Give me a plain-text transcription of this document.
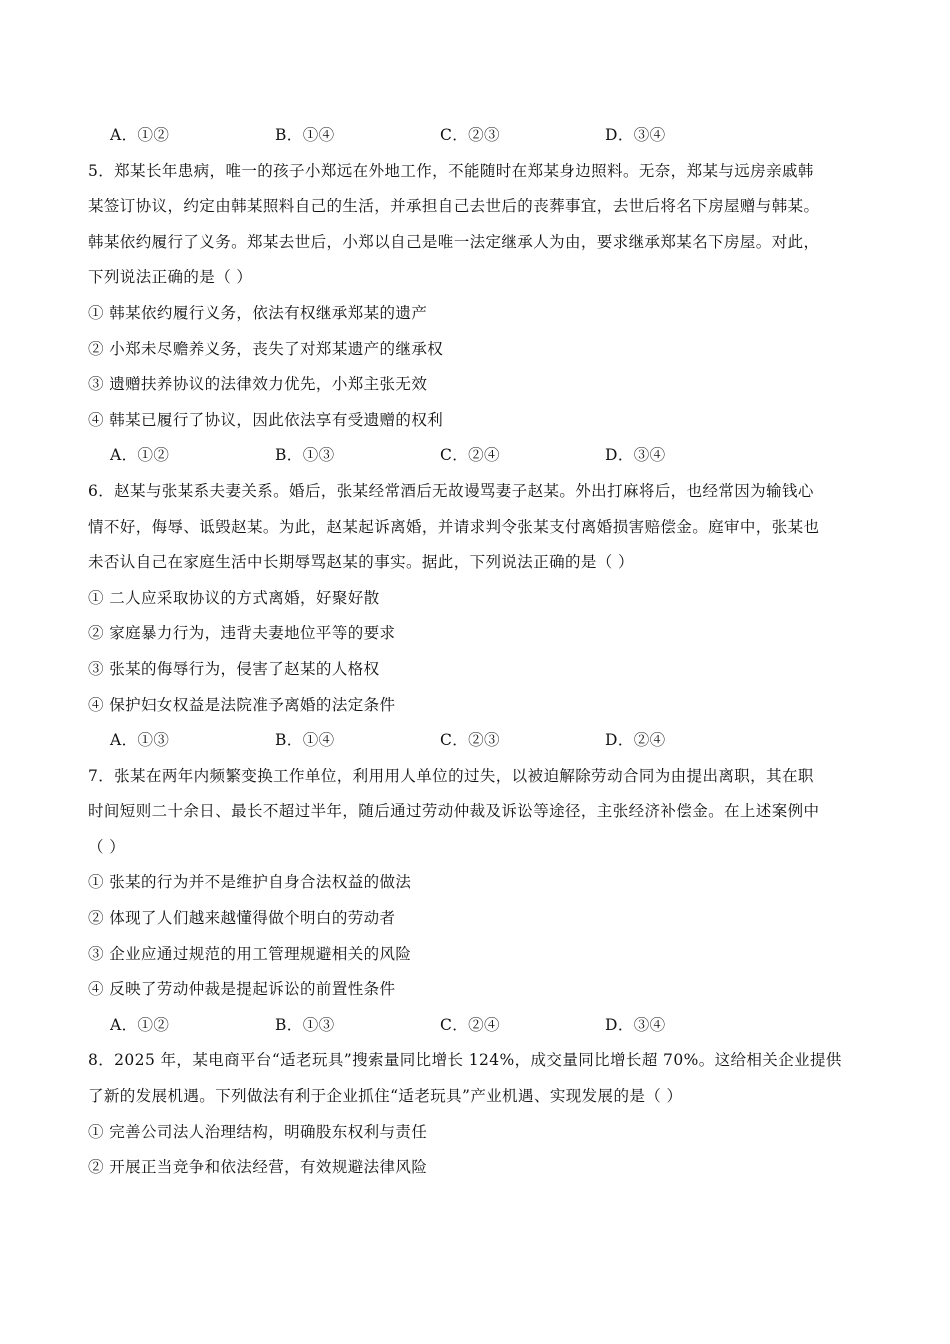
A．①②	B．①④	C．②③	D．③④
5．郑某长年患病，唯一的孩子小郑远在外地工作，不能随时在郑某身边照料。无奈，郑某与远房亲戚韩
某签订协议，约定由韩某照料自己的生活，并承担自己去世后的丧葬事宜，去世后将名下房屋赠与韩某。
韩某依约履行了义务。郑某去世后，小郑以自己是唯一法定继承人为由，要求继承郑某名下房屋。对此，
下列说法正确的是（ ）
① 韩某依约履行义务，依法有权继承郑某的遗产
② 小郑未尽赡养义务，丧失了对郑某遗产的继承权
③ 遗赠扶养协议的法律效力优先，小郑主张无效
④ 韩某已履行了协议，因此依法享有受遗赠的权利
A．①②	B．①③	C．②④	D．③④
6．赵某与张某系夫妻关系。婚后，张某经常酒后无故谩骂妻子赵某。外出打麻将后，也经常因为输钱心
情不好，侮辱、诋毁赵某。为此，赵某起诉离婚，并请求判令张某支付离婚损害赔偿金。庭审中，张某也
未否认自己在家庭生活中长期辱骂赵某的事实。据此，下列说法正确的是（ ）
① 二人应采取协议的方式离婚，好聚好散
② 家庭暴力行为，违背夫妻地位平等的要求
③ 张某的侮辱行为，侵害了赵某的人格权
④ 保护妇女权益是法院准予离婚的法定条件
A．①③	B．①④	C．②③	D．②④
7．张某在两年内频繁变换工作单位，利用用人单位的过失，以被迫解除劳动合同为由提出离职，其在职
时间短则二十余日、最长不超过半年，随后通过劳动仲裁及诉讼等途径，主张经济补偿金。在上述案例中
（ ）
① 张某的行为并不是维护自身合法权益的做法
② 体现了人们越来越懂得做个明白的劳动者
③ 企业应通过规范的用工管理规避相关的风险
④ 反映了劳动仲裁是提起诉讼的前置性条件
A．①②	B．①③	C．②④	D．③④
8．2025 年，某电商平台“适老玩具”搜索量同比增长 124%，成交量同比增长超 70%。这给相关企业提供
了新的发展机遇。下列做法有利于企业抓住“适老玩具”产业机遇、实现发展的是（ ）
① 完善公司法人治理结构，明确股东权利与责任
② 开展正当竞争和依法经营，有效规避法律风险
